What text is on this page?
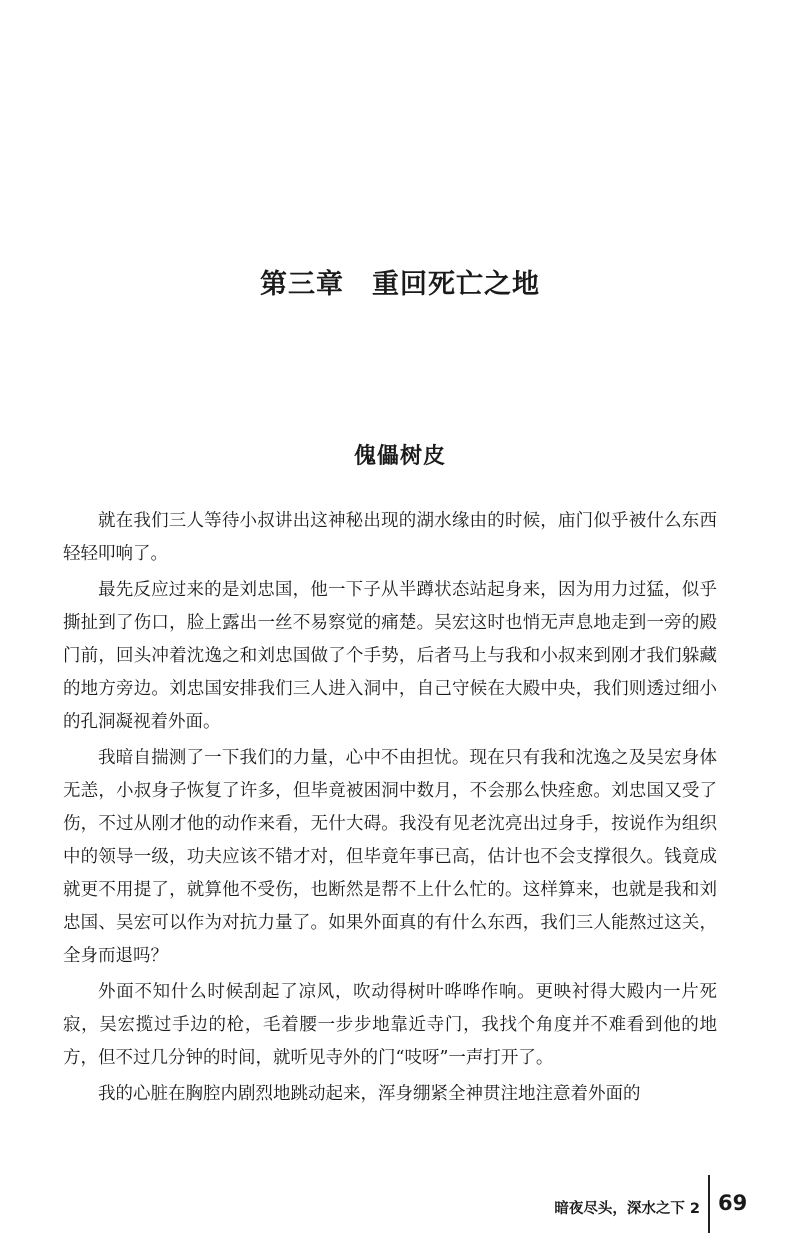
第三章　重回死亡之地
傀儡树皮

就在我们三人等待小叔讲出这神秘出现的湖水缘由的时候，庙门似乎被什么东西轻轻叩响了。

最先反应过来的是刘忠国，他一下子从半蹲状态站起身来，因为用力过猛，似乎撕扯到了伤口，脸上露出一丝不易察觉的痛楚。吴宏这时也悄无声息地走到一旁的殿门前，回头冲着沈逸之和刘忠国做了个手势，后者马上与我和小叔来到刚才我们躲藏的地方旁边。刘忠国安排我们三人进入洞中，自己守候在大殿中央，我们则透过细小的孔洞凝视着外面。

我暗自揣测了一下我们的力量，心中不由担忧。现在只有我和沈逸之及吴宏身体无恙，小叔身子恢复了许多，但毕竟被困洞中数月，不会那么快痊愈。刘忠国又受了伤，不过从刚才他的动作来看，无什大碍。我没有见老沈亮出过身手，按说作为组织中的领导一级，功夫应该不错才对，但毕竟年事已高，估计也不会支撑很久。钱竟成就更不用提了，就算他不受伤，也断然是帮不上什么忙的。这样算来，也就是我和刘忠国、吴宏可以作为对抗力量了。如果外面真的有什么东西，我们三人能熬过这关，全身而退吗？

外面不知什么时候刮起了凉风，吹动得树叶哗哗作响。更映衬得大殿内一片死寂，吴宏揽过手边的枪，毛着腰一步步地靠近寺门，我找个角度并不难看到他的地方，但不过几分钟的时间，就听见寺外的门“吱呀”一声打开了。

我的心脏在胸腔内剧烈地跳动起来，浑身绷紧全神贯注地注意着外面的

暗夜尽头，深水之下 2 69
